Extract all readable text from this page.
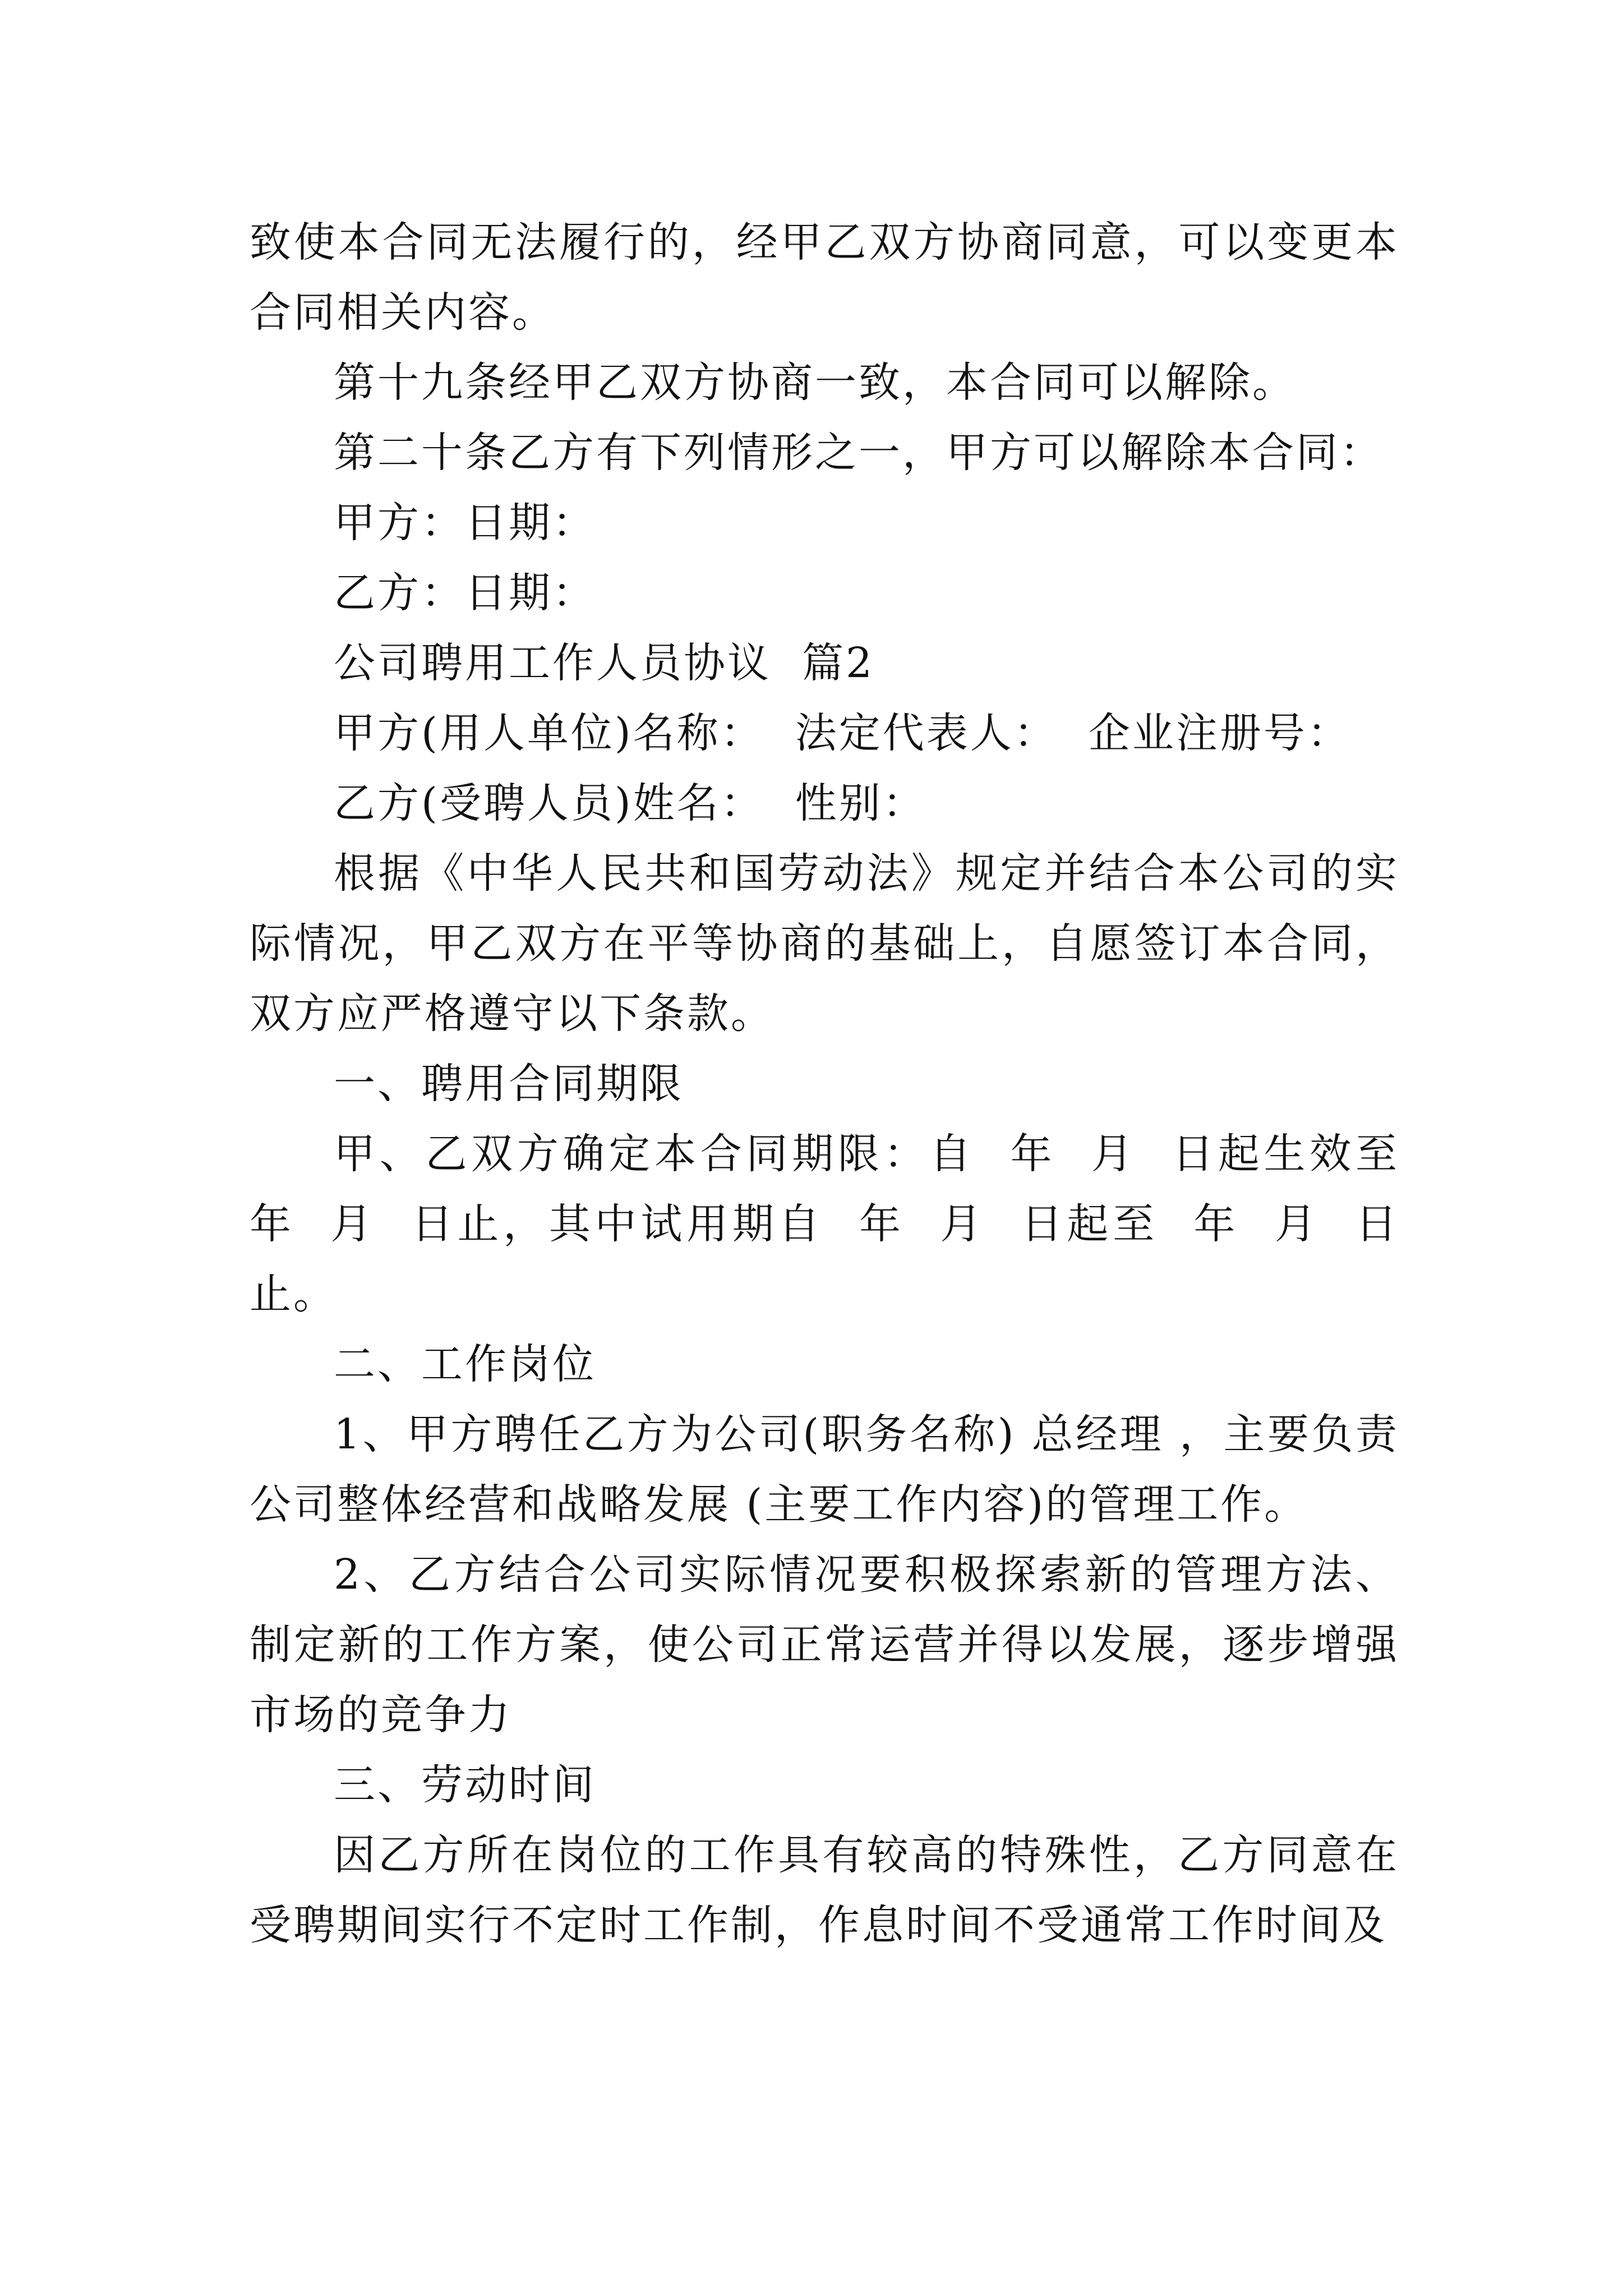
致使本合同无法履行的，经甲乙双方协商同意，可以变更本合同相关内容。

第十九条经甲乙双方协商一致，本合同可以解除。

第二十条乙方有下列情形之一，甲方可以解除本合同：

甲方：日期：

乙方：日期：

公司聘用工作人员协议  篇2

甲方(用人单位)名称：  法定代表人：  企业注册号：

乙方(受聘人员)姓名：  性别：

根据《中华人民共和国劳动法》规定并结合本公司的实际情况，甲乙双方在平等协商的基础上，自愿签订本合同，双方应严格遵守以下条款。

一、聘用合同期限

甲、乙双方确定本合同期限：自  年  月  日起生效至  年  月  日止，其中试用期自  年  月  日起至  年  月  日止。

二、工作岗位

1、甲方聘任乙方为公司(职务名称) 总经理 ，主要负责  公司整体经营和战略发展 (主要工作内容)的管理工作。

2、乙方结合公司实际情况要积极探索新的管理方法、制定新的工作方案，使公司正常运营并得以发展，逐步增强市场的竞争力

三、劳动时间

因乙方所在岗位的工作具有较高的特殊性，乙方同意在受聘期间实行不定时工作制，作息时间不受通常工作时间及
